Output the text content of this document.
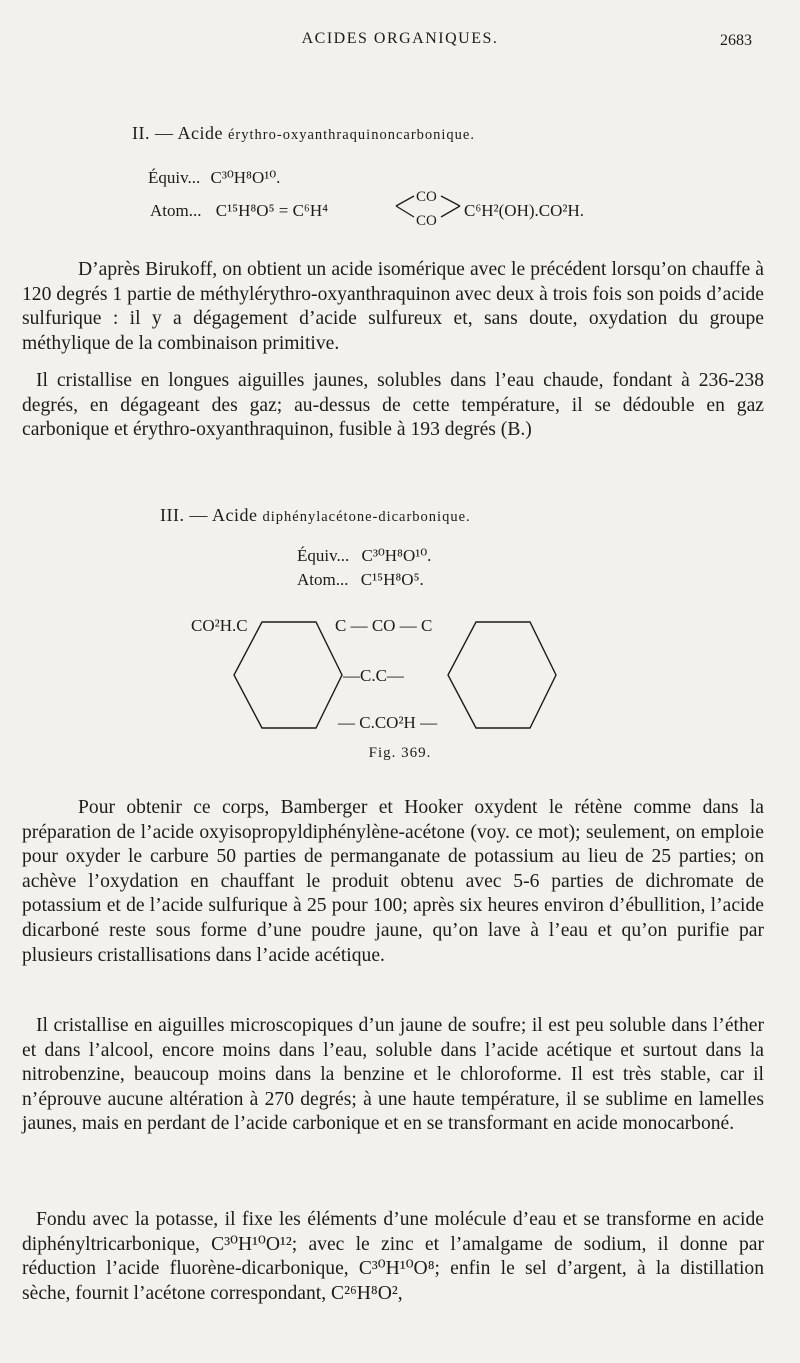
ACIDES ORGANIQUES.	2683
II. — Acide érythro-oxyanthraquinoncarbonique.
Équiv... C³⁰H⁸O¹⁰.
Atom... C¹⁵H⁸O⁵ = C⁶H⁴
CO
CO
C⁶H²(OH).CO²H.

D’après Birukoff, on obtient un acide isomérique avec le précédent lorsqu’on chauffe à 120 degrés 1 partie de méthylérythro-oxyanthraquinon avec deux à trois fois son poids d’acide sulfurique : il y a dégagement d’acide sulfureux et, sans doute, oxydation du groupe méthylique de la combinaison primitive.

Il cristallise en longues aiguilles jaunes, solubles dans l’eau chaude, fondant à 236-238 degrés, en dégageant des gaz; au-dessus de cette température, il se dédouble en gaz carbonique et érythro-oxyanthraquinon, fusible à 193 degrés (B.)

III. — Acide diphénylacétone-dicarbonique.
Équiv... C³⁰H⁸O¹⁰.
Atom... C¹⁵H⁸O⁵.
CO²H.C	C — CO — C
—C.C—
— C.CO²H —
Fig. 369.

Pour obtenir ce corps, Bamberger et Hooker oxydent le rétène comme dans la préparation de l’acide oxyisopropyldiphénylène-acétone (voy. ce mot); seulement, on emploie pour oxyder le carbure 50 parties de permanganate de potassium au lieu de 25 parties; on achève l’oxydation en chauffant le produit obtenu avec 5-6 parties de dichromate de potassium et de l’acide sulfurique à 25 pour 100; après six heures environ d’ébullition, l’acide dicarboné reste sous forme d’une poudre jaune, qu’on lave à l’eau et qu’on purifie par plusieurs cristallisations dans l’acide acétique.

Il cristallise en aiguilles microscopiques d’un jaune de soufre; il est peu soluble dans l’éther et dans l’alcool, encore moins dans l’eau, soluble dans l’acide acétique et surtout dans la nitrobenzine, beaucoup moins dans la benzine et le chloroforme. Il est très stable, car il n’éprouve aucune altération à 270 degrés; à une haute température, il se sublime en lamelles jaunes, mais en perdant de l’acide carbonique et en se transformant en acide monocarboné.

Fondu avec la potasse, il fixe les éléments d’une molécule d’eau et se transforme en acide diphényltricarbonique, C³⁰H¹⁰O¹²; avec le zinc et l’amalgame de sodium, il donne par réduction l’acide fluorène-dicarbonique, C³⁰H¹⁰O⁸; enfin le sel d’argent, à la distillation sèche, fournit l’acétone correspondant, C²⁶H⁸O²,
